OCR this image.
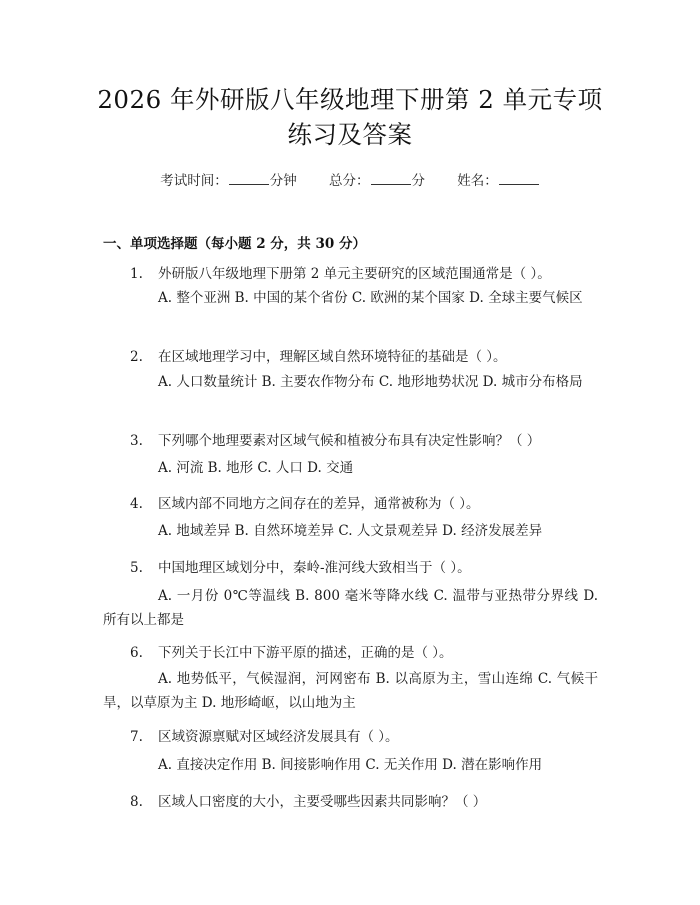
2026 年外研版八年级地理下册第 2 单元专项
练习及答案
考试时间：	分钟 总分：	分 姓名：
一、单项选择题（每小题 2 分，共 30 分）
1. 外研版八年级地理下册第 2 单元主要研究的区域范围通常是（ ）。
A. 整个亚洲 B. 中国的某个省份 C. 欧洲的某个国家 D. 全球主要气候区
2. 在区域地理学习中，理解区域自然环境特征的基础是（ ）。
A. 人口数量统计 B. 主要农作物分布 C. 地形地势状况 D. 城市分布格局
3. 下列哪个地理要素对区域气候和植被分布具有决定性影响？（ ）
A. 河流 B. 地形 C. 人口 D. 交通
4. 区域内部不同地方之间存在的差异，通常被称为（ ）。
A. 地域差异 B. 自然环境差异 C. 人文景观差异 D. 经济发展差异
5. 中国地理区域划分中，秦岭-淮河线大致相当于（ ）。
A. 一月份 0℃等温线 B. 800 毫米等降水线 C. 温带与亚热带分界线 D. 所有以上都是
6. 下列关于长江中下游平原的描述，正确的是（ ）。
A. 地势低平，气候湿润，河网密布 B. 以高原为主，雪山连绵 C. 气候干旱，以草原为主 D. 地形崎岖，以山地为主
7. 区域资源禀赋对区域经济发展具有（ ）。
A. 直接决定作用 B. 间接影响作用 C. 无关作用 D. 潜在影响作用
8. 区域人口密度的大小，主要受哪些因素共同影响？（ ）
